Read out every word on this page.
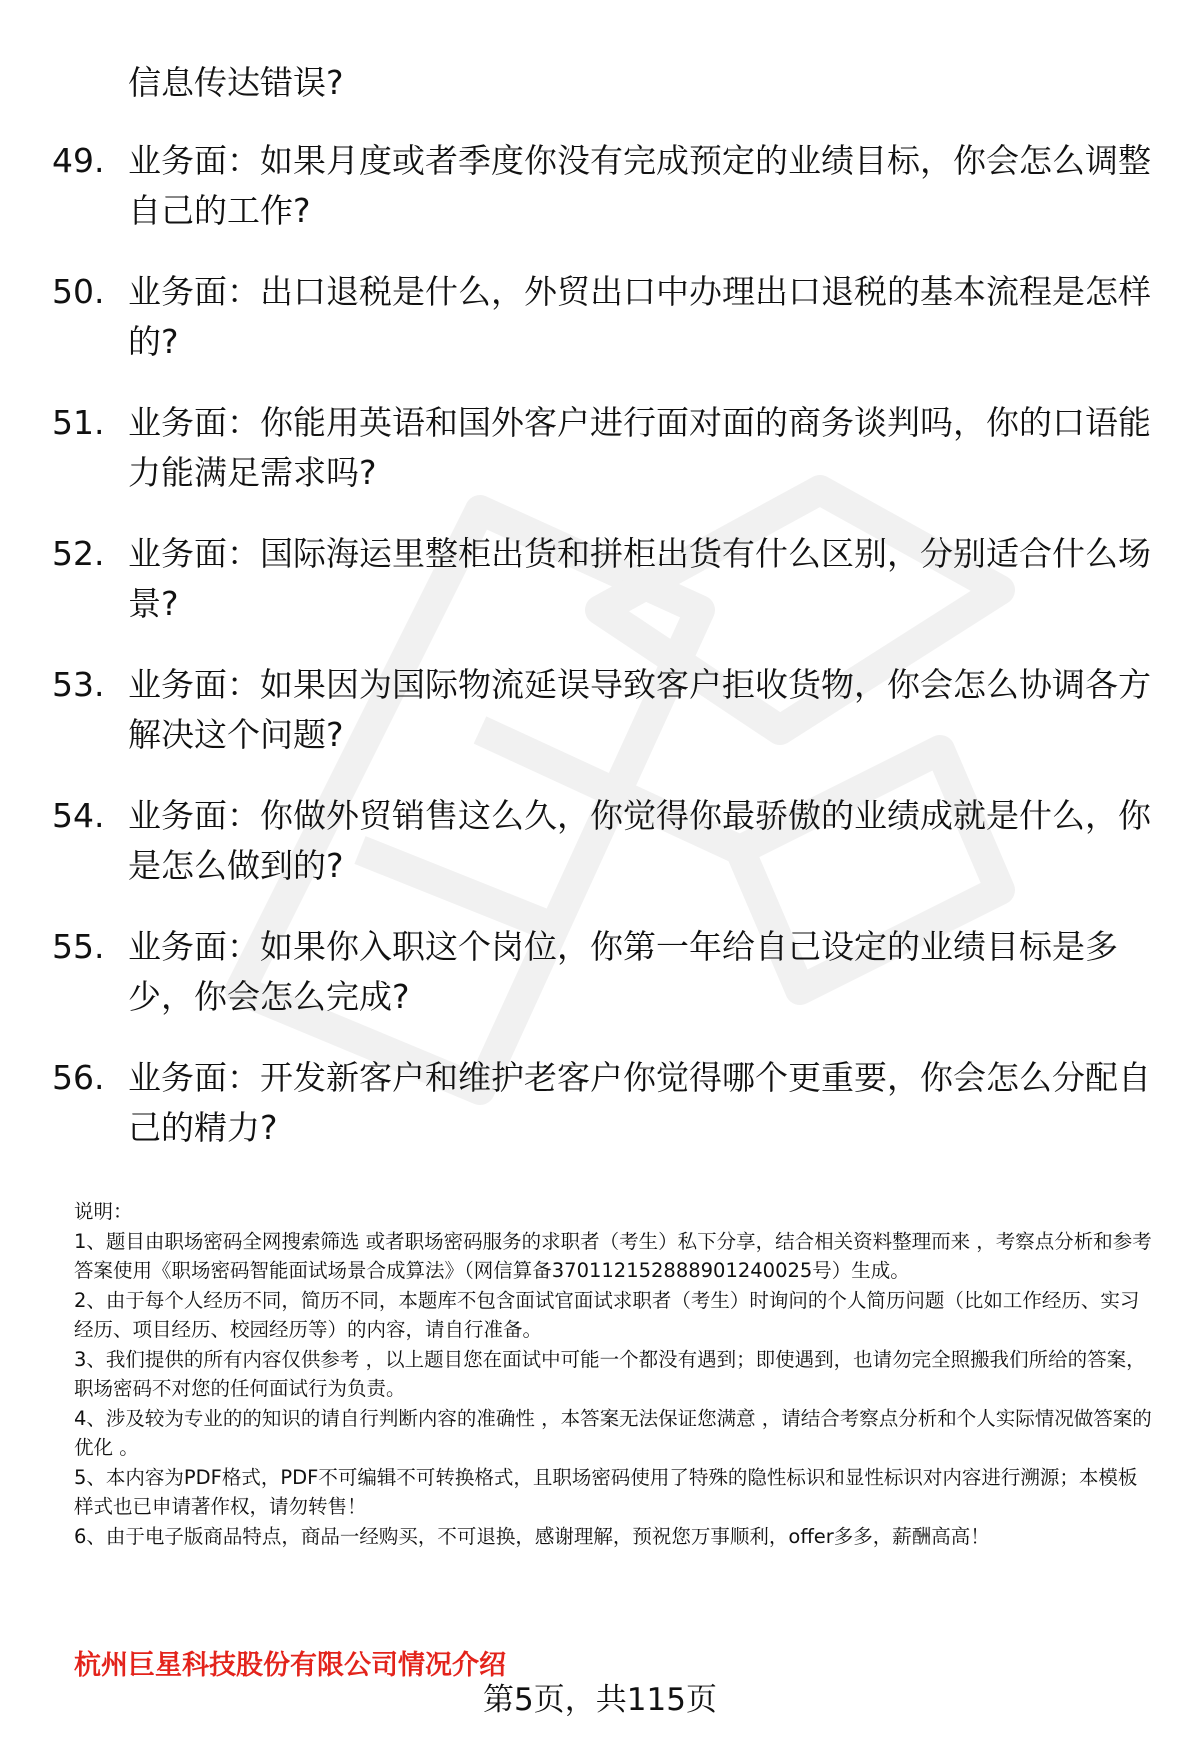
信息传达错误?
49. 业务面：如果月度或者季度你没有完成预定的业绩目标，你会怎么调整自己的工作?
50. 业务面：出口退税是什么，外贸出口中办理出口退税的基本流程是怎样的?
51. 业务面：你能用英语和国外客户进行面对面的商务谈判吗，你的口语能力能满足需求吗?
52. 业务面：国际海运里整柜出货和拼柜出货有什么区别，分别适合什么场景?
53. 业务面：如果因为国际物流延误导致客户拒收货物，你会怎么协调各方解决这个问题?
54. 业务面：你做外贸销售这么久，你觉得你最骄傲的业绩成就是什么，你是怎么做到的?
55. 业务面：如果你入职这个岗位，你第一年给自己设定的业绩目标是多少，你会怎么完成?
56. 业务面：开发新客户和维护老客户你觉得哪个更重要，你会怎么分配自己的精力?

说明：

1、题目由职场密码全网搜索筛选 或者职场密码服务的求职者（考生）私下分享，结合相关资料整理而来 ，考察点分析和参考答案使用《职场密码智能面试场景合成算法》（网信算备370112152888901240025号）生成。

2、由于每个人经历不同，简历不同，本题库不包含面试官面试求职者（考生）时询问的个人简历问题（比如工作经历、实习经历、项目经历、校园经历等）的内容，请自行准备。

3、我们提供的所有内容仅供参考 ，以上题目您在面试中可能一个都没有遇到；即使遇到，也请勿完全照搬我们所给的答案，职场密码不对您的任何面试行为负责。

4、涉及较为专业的的知识的请自行判断内容的准确性 ，本答案无法保证您满意 ，请结合考察点分析和个人实际情况做答案的优化 。

5、本内容为PDF格式，PDF不可编辑不可转换格式，且职场密码使用了特殊的隐性标识和显性标识对内容进行溯源；本模板样式也已申请著作权，请勿转售！

6、由于电子版商品特点，商品一经购买，不可退换，感谢理解，预祝您万事顺利，offer多多，薪酬高高！

杭州巨星科技股份有限公司情况介绍
第5页，共115页
